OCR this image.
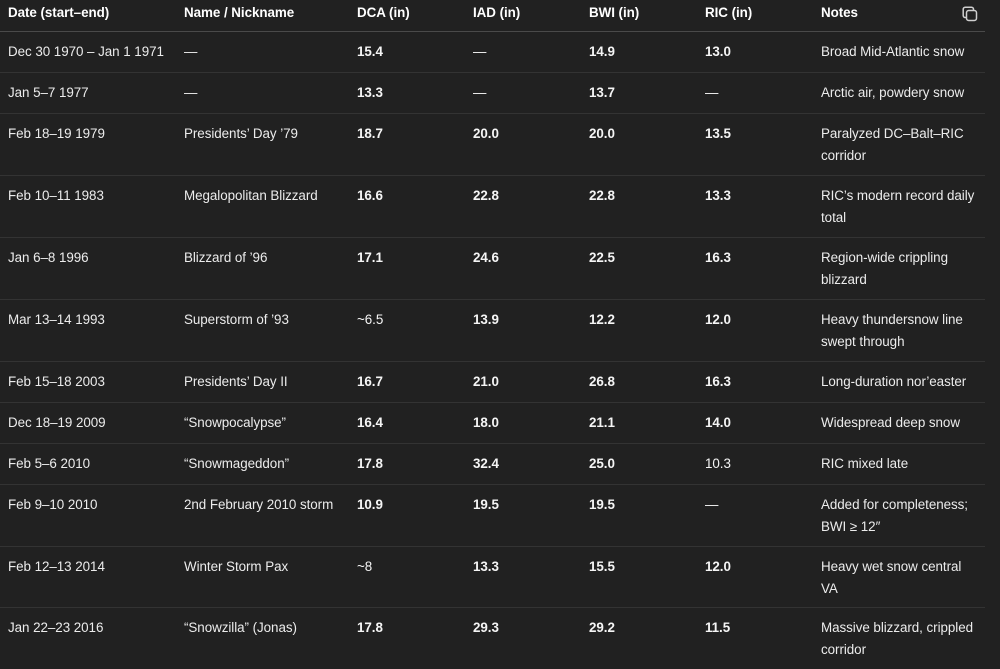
Date (start–end)	Name / Nickname	DCA (in)	IAD (in)	BWI (in)	RIC (in)	Notes
Dec 30 1970 – Jan 1 1971	—	15.4	—	14.9	13.0	Broad Mid‑Atlantic snow
Jan 5–7 1977	—	13.3	—	13.7	—	Arctic air, powdery snow
Feb 18–19 1979	Presidents’ Day ’79	18.7	20.0	20.0	13.5	Paralyzed DC–Balt–RIC corridor
Feb 10–11 1983	Megalopolitan Blizzard	16.6	22.8	22.8	13.3	RIC’s modern record daily total
Jan 6–8 1996	Blizzard of ’96	17.1	24.6	22.5	16.3	Region‑wide crippling blizzard
Mar 13–14 1993	Superstorm of ’93	~6.5	13.9	12.2	12.0	Heavy thundersnow line swept through
Feb 15–18 2003	Presidents’ Day II	16.7	21.0	26.8	16.3	Long‑duration nor’easter
Dec 18–19 2009	“Snowpocalypse”	16.4	18.0	21.1	14.0	Widespread deep snow
Feb 5–6 2010	“Snowmageddon”	17.8	32.4	25.0	10.3	RIC mixed late
Feb 9–10 2010	2nd February 2010 storm	10.9	19.5	19.5	—	Added for completeness; BWI ≥ 12″
Feb 12–13 2014	Winter Storm Pax	~8	13.3	15.5	12.0	Heavy wet snow central VA
Jan 22–23 2016	“Snowzilla” (Jonas)	17.8	29.3	29.2	11.5	Massive blizzard, crippled corridor
